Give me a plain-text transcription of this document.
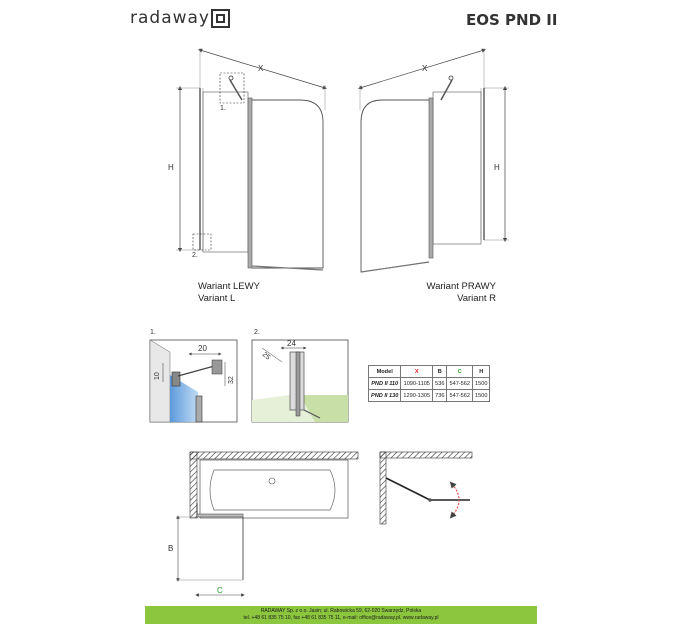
radaway	EOS PND II
X
H
1.
2.
X
H
1.
20
10
32
2.
24
25
B
C
Wariant LEWY
Variant L
Wariant PRAWY
Variant R
Model	X	B	C	H
PND II 110	1090-1105	536	547-562	1500
PND II 130	1290-1305	736	547-562	1500
RADAWAY Sp. z o.o. Jasin; ul. Rabowicka 59, 62-020 Swarzędz, Polska
tel. +48 61 835 75 10, fax +48 61 835 75 11, e-mail: office@radaway.pl, www.radaway.pl
